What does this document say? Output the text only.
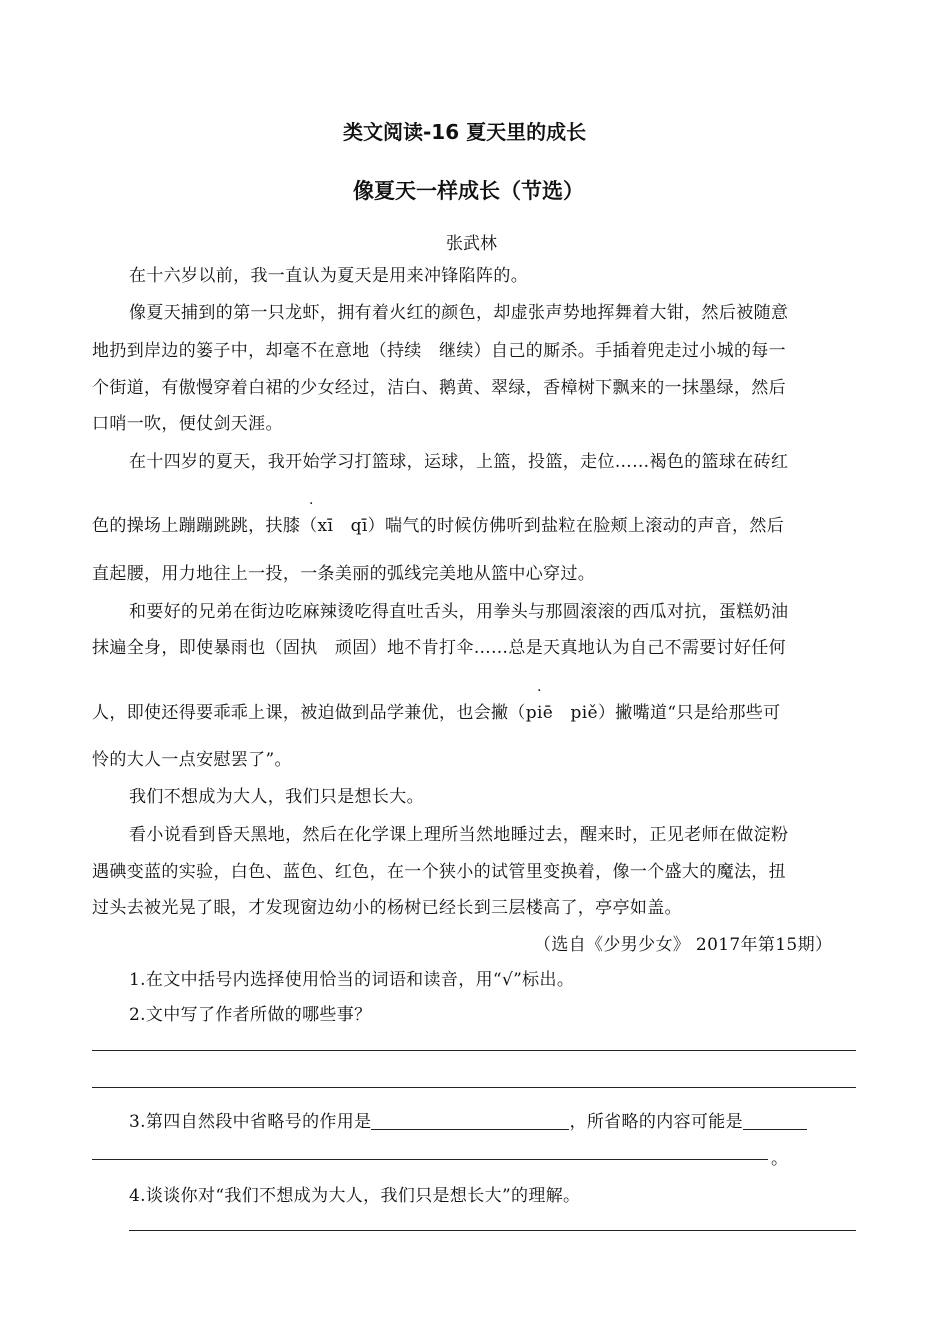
类文阅读-16 夏天里的成长
像夏天一样成长（节选）
张武林
在十六岁以前，我一直认为夏天是用来冲锋陷阵的。
像夏天捕到的第一只龙虾，拥有着火红的颜色，却虚张声势地挥舞着大钳，然后被随意
地扔到岸边的篓子中，却毫不在意地（持续　继续）自己的厮杀。手插着兜走过小城的每一
个街道，有傲慢穿着白裙的少女经过，洁白、鹅黄、翠绿，香樟树下飘来的一抹墨绿，然后
口哨一吹，便仗剑天涯。
在十四岁的夏天，我开始学习打篮球，运球，上篮，投篮，走位……褐色的篮球在砖红
·
色的操场上蹦蹦跳跳，扶膝（xī　qī）喘气的时候仿佛听到盐粒在脸颊上滚动的声音，然后
直起腰，用力地往上一投，一条美丽的弧线完美地从篮中心穿过。
和要好的兄弟在街边吃麻辣烫吃得直吐舌头，用拳头与那圆滚滚的西瓜对抗，蛋糕奶油
抹遍全身，即使暴雨也（固执　顽固）地不肯打伞……总是天真地认为自己不需要讨好任何
·
人，即使还得要乖乖上课，被迫做到品学兼优，也会撇（piē　piě）撇嘴道“只是给那些可
怜的大人一点安慰罢了”。
我们不想成为大人，我们只是想长大。
看小说看到昏天黑地，然后在化学课上理所当然地睡过去，醒来时，正见老师在做淀粉
遇碘变蓝的实验，白色、蓝色、红色，在一个狭小的试管里变换着，像一个盛大的魔法，扭
过头去被光晃了眼，才发现窗边幼小的杨树已经长到三层楼高了，亭亭如盖。
（选自《少男少女》 2017年第15期）
1.在文中括号内选择使用恰当的词语和读音，用“√”标出。
2.文中写了作者所做的哪些事？
3.第四自然段中省略号的作用是	，所省略的内容可能是
。
4.谈谈你对“我们不想成为大人，我们只是想长大”的理解。
